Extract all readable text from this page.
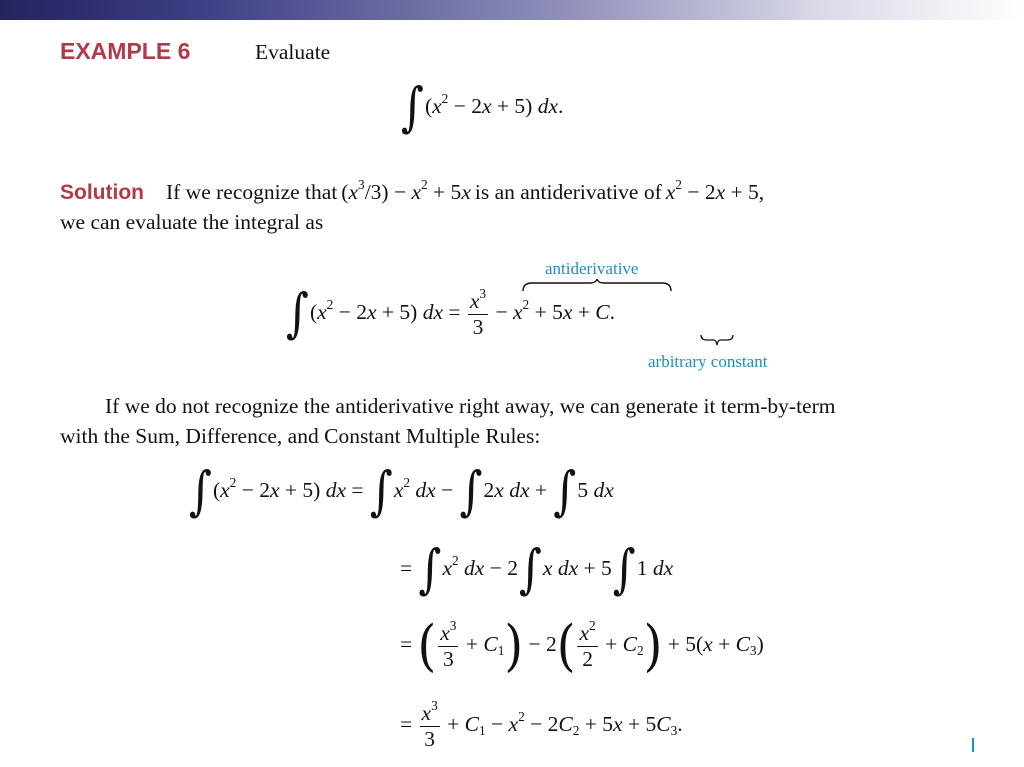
EXAMPLE 6	Evaluate
$\int(x^2 - 2x + 5)$ dx.
Solution If we recognize that $(x^3/3) - x^2 + 5x$ is an antiderivative of $x^2 - 2x + 5$,
we can evaluate the integral as
antiderivative
$\int(x^2 - 2x + 5)$ dx = $\frac{x^3}{3} - x^2 + 5x + C$.
arbitrary constant
If we do not recognize the antiderivative right away, we can generate it term-by-term
with the Sum, Difference, and Constant Multiple Rules:
$\int(x^2 - 2x + 5)$ dx = $\int x^2$ dx − ∫2x dx + ∫5 dx
= $\int x^2$ dx − 2∫x dx + 5∫1 dx
= ( $\frac{x^3}{3} + C_1) - 2( \frac{x^2}{2} + C_2) + 5(x + C_3)$
= $\frac{x^3}{3} + C_1 - x^2 - 2C_2 + 5x + 5C_3$.
